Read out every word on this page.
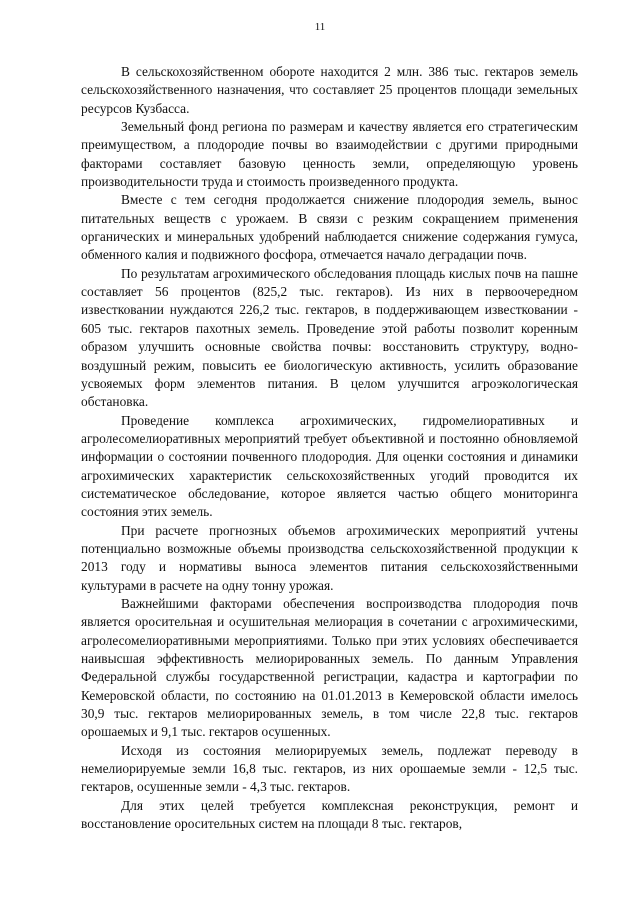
11

В сельскохозяйственном обороте находится 2 млн. 386 тыс. гектаров земель сельскохозяйственного назначения, что составляет 25 процентов площади земельных ресурсов Кузбасса.

Земельный фонд региона по размерам и качеству является его стратегическим преимуществом, а плодородие почвы во взаимодействии с другими природными факторами составляет базовую ценность земли, определяющую уровень производительности труда и стоимость произведенного продукта.

Вместе с тем сегодня продолжается снижение плодородия земель, вынос питательных веществ с урожаем. В связи с резким сокращением применения органических и минеральных удобрений наблюдается снижение содержания гумуса, обменного калия и подвижного фосфора, отмечается начало деградации почв.

По результатам агрохимического обследования площадь кислых почв на пашне составляет 56 процентов (825,2 тыс. гектаров). Из них в первоочередном известковании нуждаются 226,2 тыс. гектаров, в поддерживающем известковании - 605 тыс. гектаров пахотных земель. Проведение этой работы позволит коренным образом улучшить основные свойства почвы: восстановить структуру, водно-воздушный режим, повысить ее биологическую активность, усилить образование усвояемых форм элементов питания. В целом улучшится агроэкологическая обстановка.

Проведение комплекса агрохимических, гидромелиоративных и агролесомелиоративных мероприятий требует объективной и постоянно обновляемой информации о состоянии почвенного плодородия. Для оценки состояния и динамики агрохимических характеристик сельскохозяйственных угодий проводится их систематическое обследование, которое является частью общего мониторинга состояния этих земель.

При расчете прогнозных объемов агрохимических мероприятий учтены потенциально возможные объемы производства сельскохозяйственной продукции к 2013 году и нормативы выноса элементов питания сельскохозяйственными культурами в расчете на одну тонну урожая.

Важнейшими факторами обеспечения воспроизводства плодородия почв является оросительная и осушительная мелиорация в сочетании с агрохимическими, агролесомелиоративными мероприятиями. Только при этих условиях обеспечивается наивысшая эффективность мелиорированных земель. По данным Управления Федеральной службы государственной регистрации, кадастра и картографии по Кемеровской области, по состоянию на 01.01.2013 в Кемеровской области имелось 30,9 тыс. гектаров мелиорированных земель, в том числе 22,8 тыс. гектаров орошаемых и 9,1 тыс. гектаров осушенных.

Исходя из состояния мелиорируемых земель, подлежат переводу в немелиорируемые земли 16,8 тыс. гектаров, из них орошаемые земли - 12,5 тыс. гектаров, осушенные земли - 4,3 тыс. гектаров.

Для этих целей требуется комплексная реконструкция, ремонт и восстановление оросительных систем на площади 8 тыс. гектаров,
